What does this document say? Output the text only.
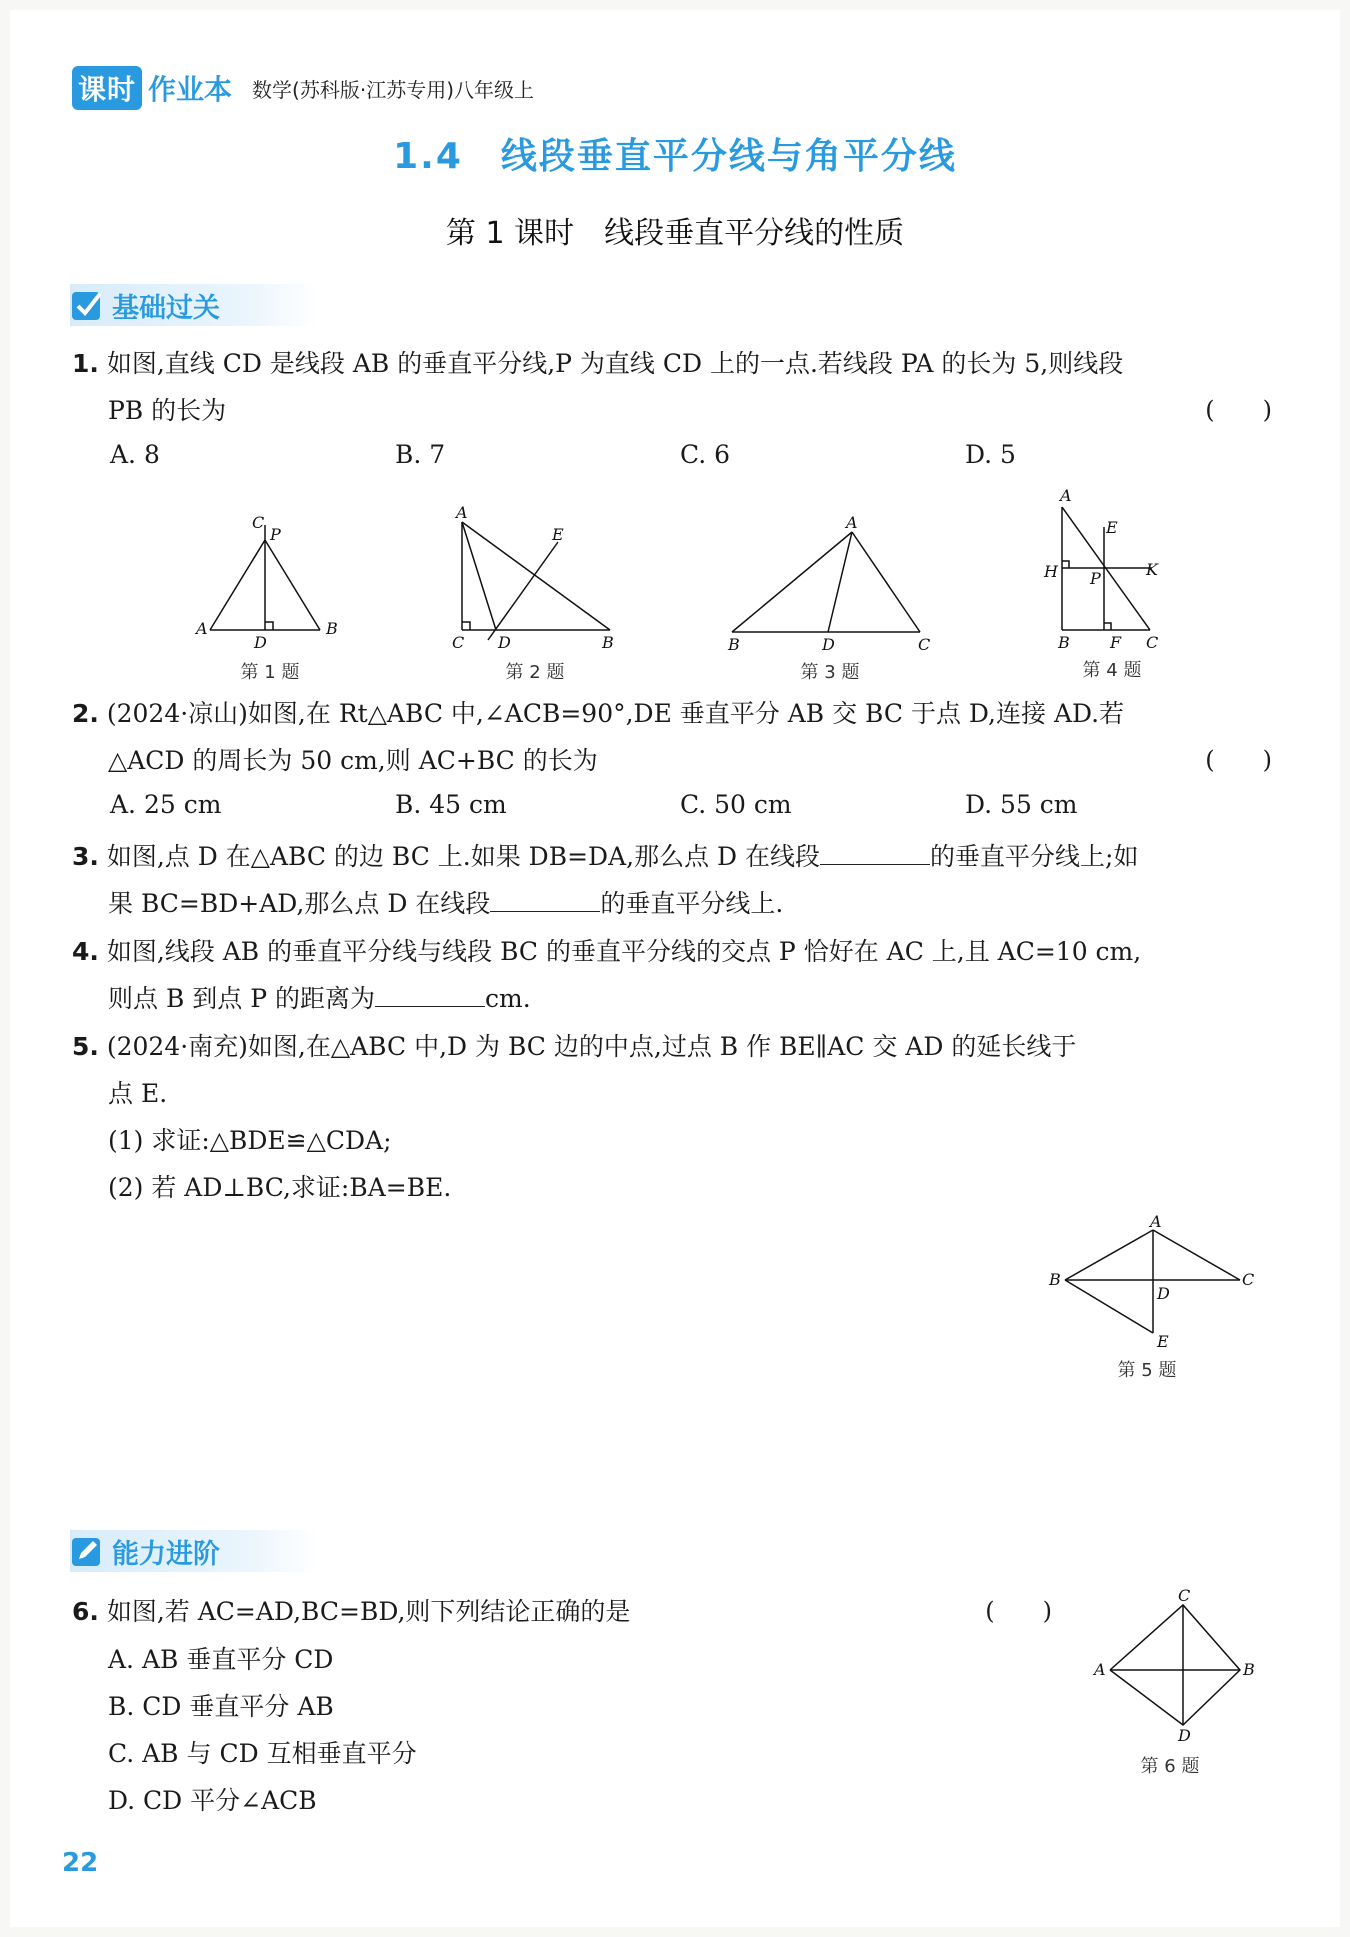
课时 作业本 数学(苏科版·江苏专用)八年级上
1.4　线段垂直平分线与角平分线
第 1 课时　线段垂直平分线的性质
基础过关
1. 如图,直线 CD 是线段 AB 的垂直平分线,P 为直线 CD 上的一点.若线段 PA 的长为 5,则线段
PB 的长为	(　　)
A. 8	B. 7	C. 6	D. 5
C
P
A	B
D
第 1 题
A
E
C D	B
第 2 题
A
B	D	C
第 3 题
A
E
H P	K
B	F C
第 4 题
2. (2024·凉山)如图,在 Rt△ABC 中,∠ACB=90°,DE 垂直平分 AB 交 BC 于点 D,连接 AD.若
△ACD 的周长为 50 cm,则 AC+BC 的长为	(　　)
A. 25 cm	B. 45 cm	C. 50 cm	D. 55 cm
3. 如图,点 D 在△ABC 的边 BC 上.如果 DB=DA,那么点 D 在线段	的垂直平分线上;如
果 BC=BD+AD,那么点 D 在线段	的垂直平分线上.
4. 如图,线段 AB 的垂直平分线与线段 BC 的垂直平分线的交点 P 恰好在 AC 上,且 AC=10 cm,
则点 B 到点 P 的距离为	cm.
5. (2024·南充)如图,在△ABC 中,D 为 BC 边的中点,过点 B 作 BE∥AC 交 AD 的延长线于
点 E.
(1) 求证:△BDE≌△CDA;
(2) 若 AD⊥BC,求证:BA=BE.
A
B	C
D
E
第 5 题
能力进阶
6. 如图,若 AC=AD,BC=BD,则下列结论正确的是	(　　)
A. AB 垂直平分 CD
B. CD 垂直平分 AB
C. AB 与 CD 互相垂直平分
D. CD 平分∠ACB
C
A	B
D
第 6 题
22
